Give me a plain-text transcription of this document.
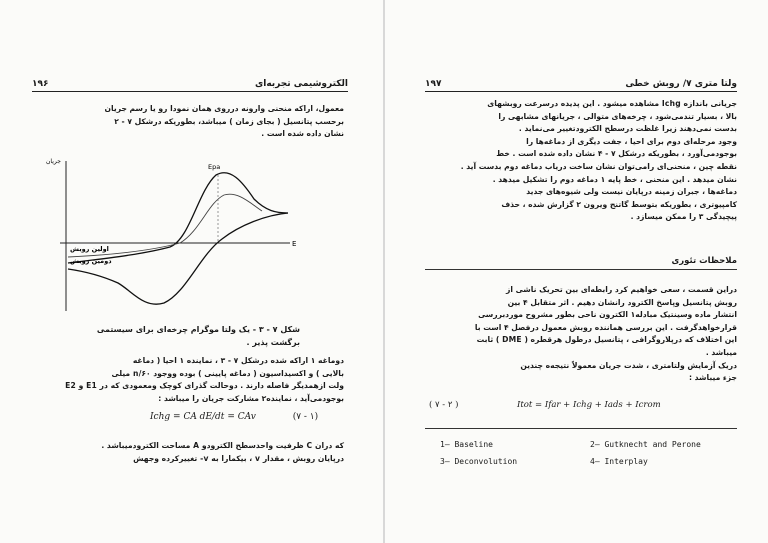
۱۹۶	الکتروشیمی تجربه‌ای

معمول، اراکه منحنی وارونه درروی همان نمودا رو یا رسم جریان

برحسب پتانسیل ( بجای زمان ) میباشد، بطوریکه درشکل ۷ - ۲

نشان داده شده است .

جریان
E
Epa
اولین روبش
دومین روبش

شکل ۷ - ۳ - یک ولتا موگرام چرخه‌ای برای سیستمی

برگشت پذیر .

دوماغه ۱ اراکه شده درشکل ۷ - ۳ ، نماینده ۱ احیا ( دماغه

بالایی ) و اکسیداسیون ( دماغه پایینی ) بوده ووجود ۶۰/n میلی

ولت ازهمدیگر فاصله دارند . دوحالت گذرای کوچک ومعمودی که در E1 و E2

بوجودمی‌آید ، نماینده۲ مشارکت جریان را میباشد :

Ichg = CA dE/dt = CAv	(۷ - ۱)

که دران C ظرفیت واحدسطح الکترودو A مساحت الکترودمیباشد .

درپایان روبش ، مقدار v ، بیکمارا به v- تغییرکرده وجهش

۱۹۷	ولتا متری ۷/ روبش خطی

جریانی باندازه Ichg مشاهده میشود . این پدیده درسرعت روبشهای

بالا ، بسیار تندمی‌شود ، چرخه‌های متوالی ، جریانهای مشابهی را

بدست نمی‌دهند زیرا غلظت درسطح الکترودتغییر می‌نماید .

وجود مرحله‌ای دوم برای احیا ، جفت دیگری از دماغه‌ها را

بوجودمی‌آورد ، بطوریکه درشکل ۷ - ۴ نشان داده شده است . خط

نقطه چین ، منحنی‌ای رامی‌توان نشان ساخت دریاب دماغه دوم بدست آید .

نشان میدهد . این منحنی ، خط پایه ۱ دماغه دوم را تشکیل میدهد .

دماغه‌ها ، جبران زمینه درپایان نیست ولی شیوه‌های جدید

کامپیوتری ، بطوریکه بتوسط گاتنج ویرون ۲ گزارش شده ، حذف

پیچیدگی ۳ را ممکن میسازد .

ملاحظات تئوری

دراین قسمت ، سعی خواهیم کرد رابطه‌ای بین تحریک ناشی از

روبش پتانسیل وپاسخ الکترود رانشان دهیم . اثر متقابل ۴ بین

انتشار ماده وسینتیک مبادله۱ الکترون ناحی بطور مشروح موردبررسی

قرارخواهدگرفت . این بررسی هماننده روبش معمول درفصل ۴ است با

این اختلاف که درپلاروگرافی ، پتانسیل درطول هرقطره ( DME ) ثابت

میباشد .

دریک آزمایش ولتامتری ، شدت جریان معمولاً نتیجه‌ه چندین

جزء میباشد :

( ۷ - ۲ )	Itot = Ifar + Ichg + Iads + Icrom
1– Baseline	2– Gutknecht and Perone
3– Deconvolution	4– Interplay
